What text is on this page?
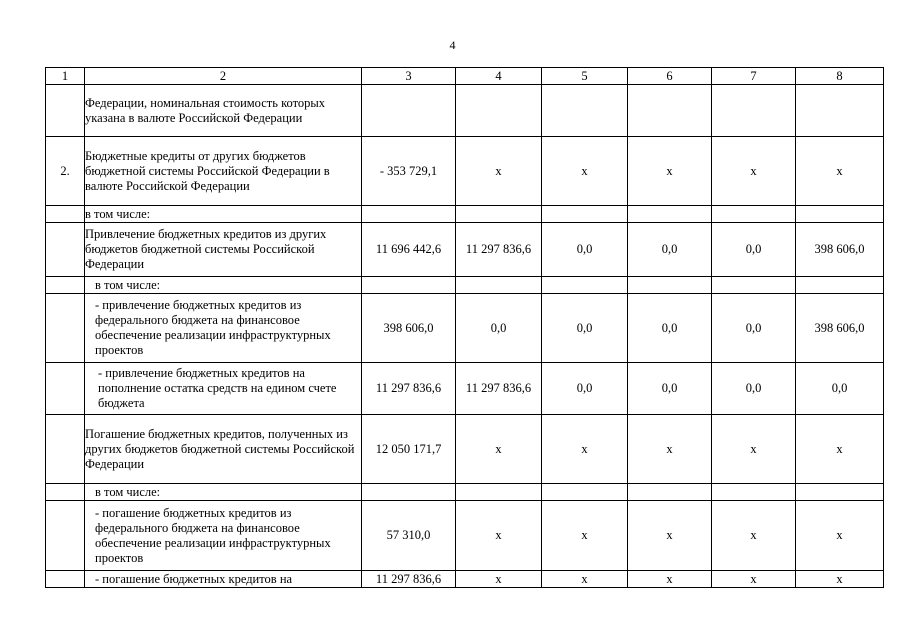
4
1	2	3	4	5	6	7	8
	Федерации, номинальная стоимость которых указана в валюте Российской Федерации						
2.	Бюджетные кредиты от других бюджетов бюджетной системы Российской Федерации в валюте Российской Федерации	- 353 729,1	х	х	х	х	х
	в том числе:						
	Привлечение бюджетных кредитов из других бюджетов бюджетной системы Российской Федерации	11 696 442,6	11 297 836,6	0,0	0,0	0,0	398 606,0
	в том числе:						
	- привлечение бюджетных кредитов из федерального бюджета на финансовое обеспечение реализации инфраструктурных проектов	398 606,0	0,0	0,0	0,0	0,0	398 606,0
	- привлечение бюджетных кредитов на пополнение остатка средств на едином счете бюджета	11 297 836,6	11 297 836,6	0,0	0,0	0,0	0,0
	Погашение бюджетных кредитов, полученных из других бюджетов бюджетной системы Российской Федерации	12 050 171,7	х	х	х	х	х
	в том числе:						
	- погашение бюджетных кредитов из федерального бюджета на финансовое обеспечение реализации инфраструктурных проектов	57 310,0	х	х	х	х	х
	- погашение бюджетных кредитов на	11 297 836,6	х	х	х	х	х
